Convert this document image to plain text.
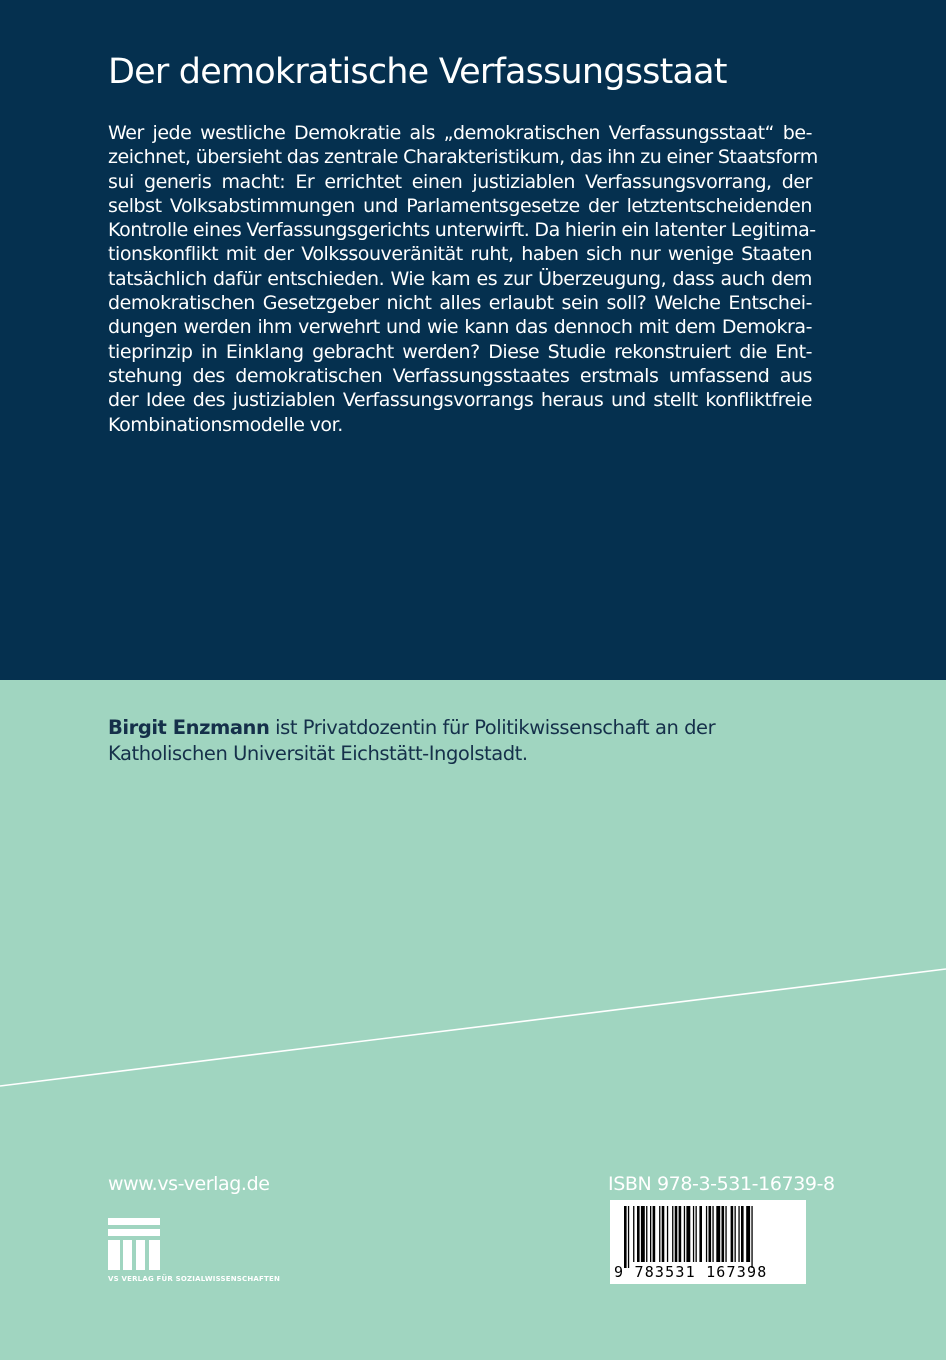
Der demokratische Verfassungsstaat

Wer jede westliche Demokratie als „demokratischen Verfassungsstaat“ be-
zeichnet, übersieht das zentrale Charakteristikum, das ihn zu einer Staatsform
sui generis macht: Er errichtet einen justiziablen Verfassungsvorrang, der
selbst Volksabstimmungen und Parlamentsgesetze der letztentscheidenden
Kontrolle eines Verfassungsgerichts unterwirft. Da hierin ein latenter Legitima-
tionskonflikt mit der Volkssouveränität ruht, haben sich nur wenige Staaten
tatsächlich dafür entschieden. Wie kam es zur Überzeugung, dass auch dem
demokratischen Gesetzgeber nicht alles erlaubt sein soll? Welche Entschei-
dungen werden ihm verwehrt und wie kann das dennoch mit dem Demokra-
tieprinzip in Einklang gebracht werden? Diese Studie rekonstruiert die Ent-
stehung des demokratischen Verfassungsstaates erstmals umfassend aus
der Idee des justiziablen Verfassungsvorrangs heraus und stellt konfliktfreie
Kombinationsmodelle vor.

Birgit Enzmann ist Privatdozentin für Politikwissenschaft an der
Katholischen Universität Eichstätt-Ingolstadt.

www.vs-verlag.de

VS VERLAG FÜR SOZIALWISSENSCHAFTEN

ISBN 978-3-531-16739-8

9 783531 167398
